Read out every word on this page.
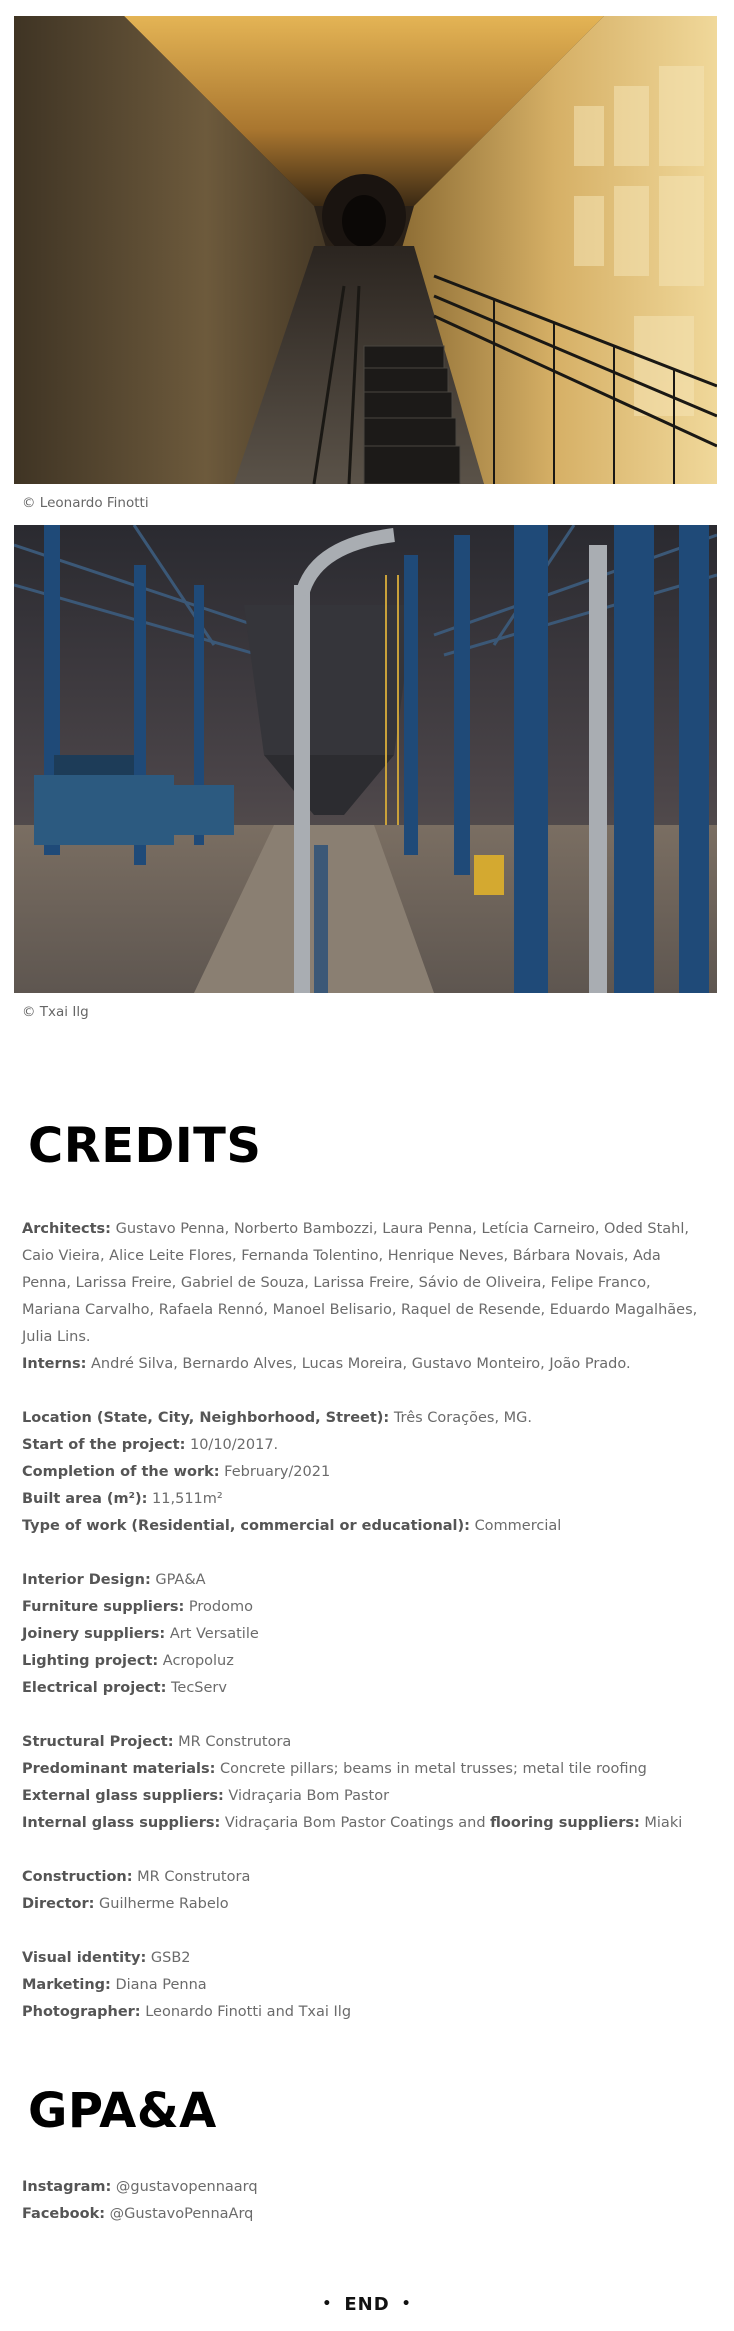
© Leonardo Finotti
© Txai Ilg
CREDITS

Architects: Gustavo Penna, Norberto Bambozzi, Laura Penna, Letícia Carneiro, Oded Stahl, Caio Vieira, Alice Leite Flores, Fernanda Tolentino, Henrique Neves, Bárbara Novais, Ada Penna, Larissa Freire, Gabriel de Souza, Larissa Freire, Sávio de Oliveira, Felipe Franco, Mariana Carvalho, Rafaela Rennó, Manoel Belisario, Raquel de Resende, Eduardo Magalhães, Julia Lins.

Interns: André Silva, Bernardo Alves, Lucas Moreira, Gustavo Monteiro, João Prado.

Location (State, City, Neighborhood, Street): Três Corações, MG.

Start of the project: 10/10/2017.

Completion of the work: February/2021

Built area (m²): 11,511m²

Type of work (Residential, commercial or educational): Commercial

Interior Design: GPA&A

Furniture suppliers: Prodomo

Joinery suppliers: Art Versatile

Lighting project: Acropoluz

Electrical project: TecServ

Structural Project: MR Construtora

Predominant materials: Concrete pillars; beams in metal trusses; metal tile roofing

External glass suppliers: Vidraçaria Bom Pastor

Internal glass suppliers: Vidraçaria Bom Pastor Coatings and flooring suppliers: Miaki

Construction: MR Construtora

Director: Guilherme Rabelo

Visual identity: GSB2

Marketing: Diana Penna

Photographer: Leonardo Finotti and Txai Ilg

GPA&A

Instagram: @gustavopennaarq

Facebook: @GustavoPennaArq

• END •
